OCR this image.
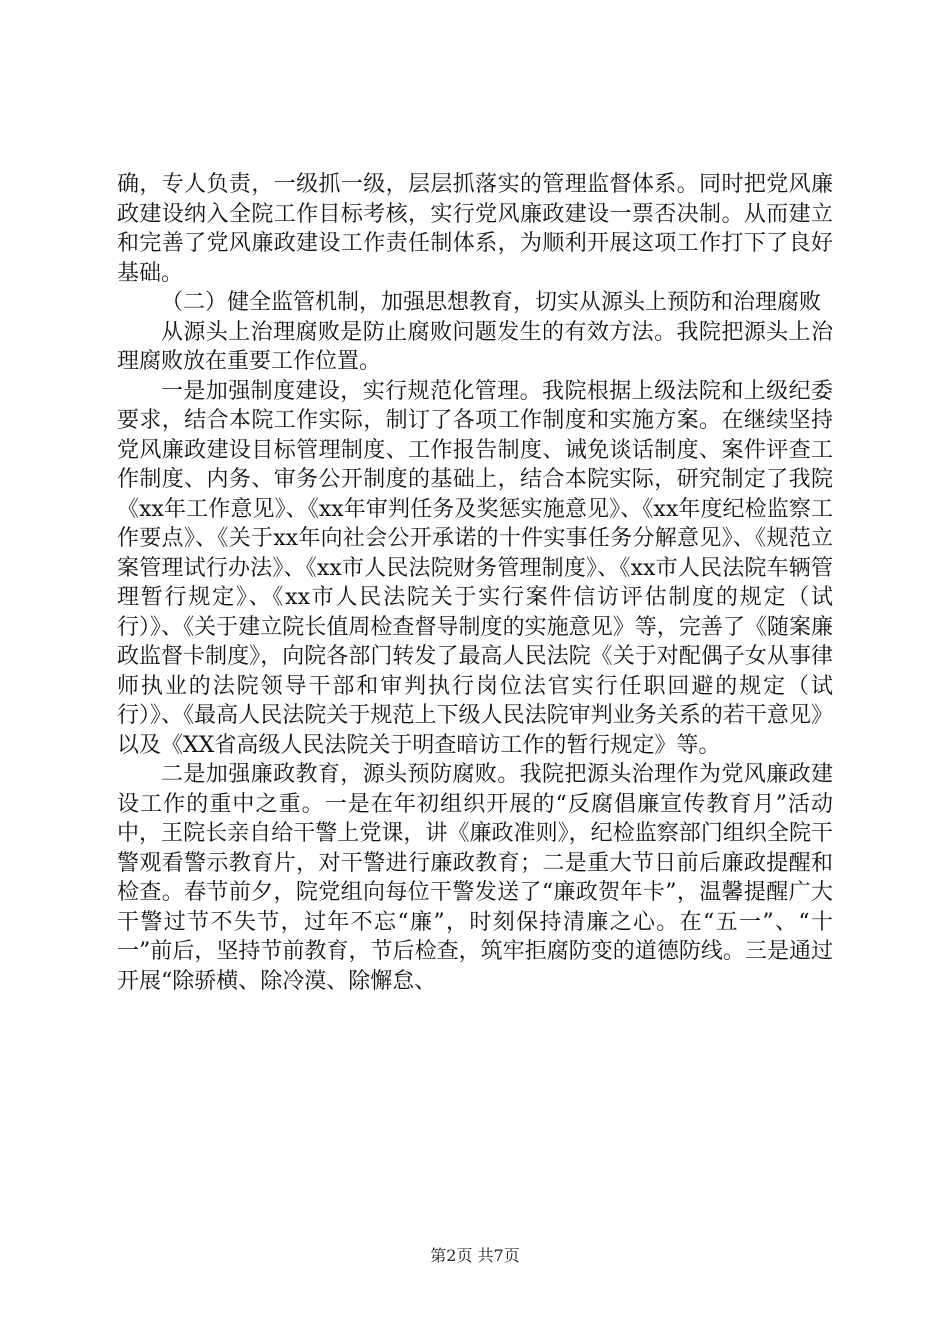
确，专人负责，一级抓一级，层层抓落实的管理监督体系。同时把党风廉政建设纳入全院工作目标考核，实行党风廉政建设一票否决制。从而建立和完善了党风廉政建设工作责任制体系，为顺利开展这项工作打下了良好基础。

（二）健全监管机制，加强思想教育，切实从源头上预防和治理腐败

从源头上治理腐败是防止腐败问题发生的有效方法。我院把源头上治理腐败放在重要工作位置。

一是加强制度建设，实行规范化管理。我院根据上级法院和上级纪委要求，结合本院工作实际，制订了各项工作制度和实施方案。在继续坚持党风廉政建设目标管理制度、工作报告制度、诫免谈话制度、案件评查工作制度、内务、审务公开制度的基础上，结合本院实际，研究制定了我院《xx年工作意见》、《xx年审判任务及奖惩实施意见》、《xx年度纪检监察工作要点》、《关于xx年向社会公开承诺的十件实事任务分解意见》、《规范立案管理试行办法》、《xx市人民法院财务管理制度》、《xx市人民法院车辆管理暂行规定》、《xx市人民法院关于实行案件信访评估制度的规定（试行）》、《关于建立院长值周检查督导制度的实施意见》等，完善了《随案廉政监督卡制度》，向院各部门转发了最高人民法院《关于对配偶子女从事律师执业的法院领导干部和审判执行岗位法官实行任职回避的规定（试行）》、《最高人民法院关于规范上下级人民法院审判业务关系的若干意见》以及《XX省高级人民法院关于明查暗访工作的暂行规定》等。

二是加强廉政教育，源头预防腐败。我院把源头治理作为党风廉政建设工作的重中之重。一是在年初组织开展的“反腐倡廉宣传教育月”活动中，王院长亲自给干警上党课，讲《廉政准则》，纪检监察部门组织全院干警观看警示教育片，对干警进行廉政教育；二是重大节日前后廉政提醒和检查。春节前夕，院党组向每位干警发送了“廉政贺年卡”，温馨提醒广大干警过节不失节，过年不忘“廉”，时刻保持清廉之心。在“五一”、“十一”前后，坚持节前教育，节后检查，筑牢拒腐防变的道德防线。三是通过开展“除骄横、除冷漠、除懈怠、

第2页 共7页
